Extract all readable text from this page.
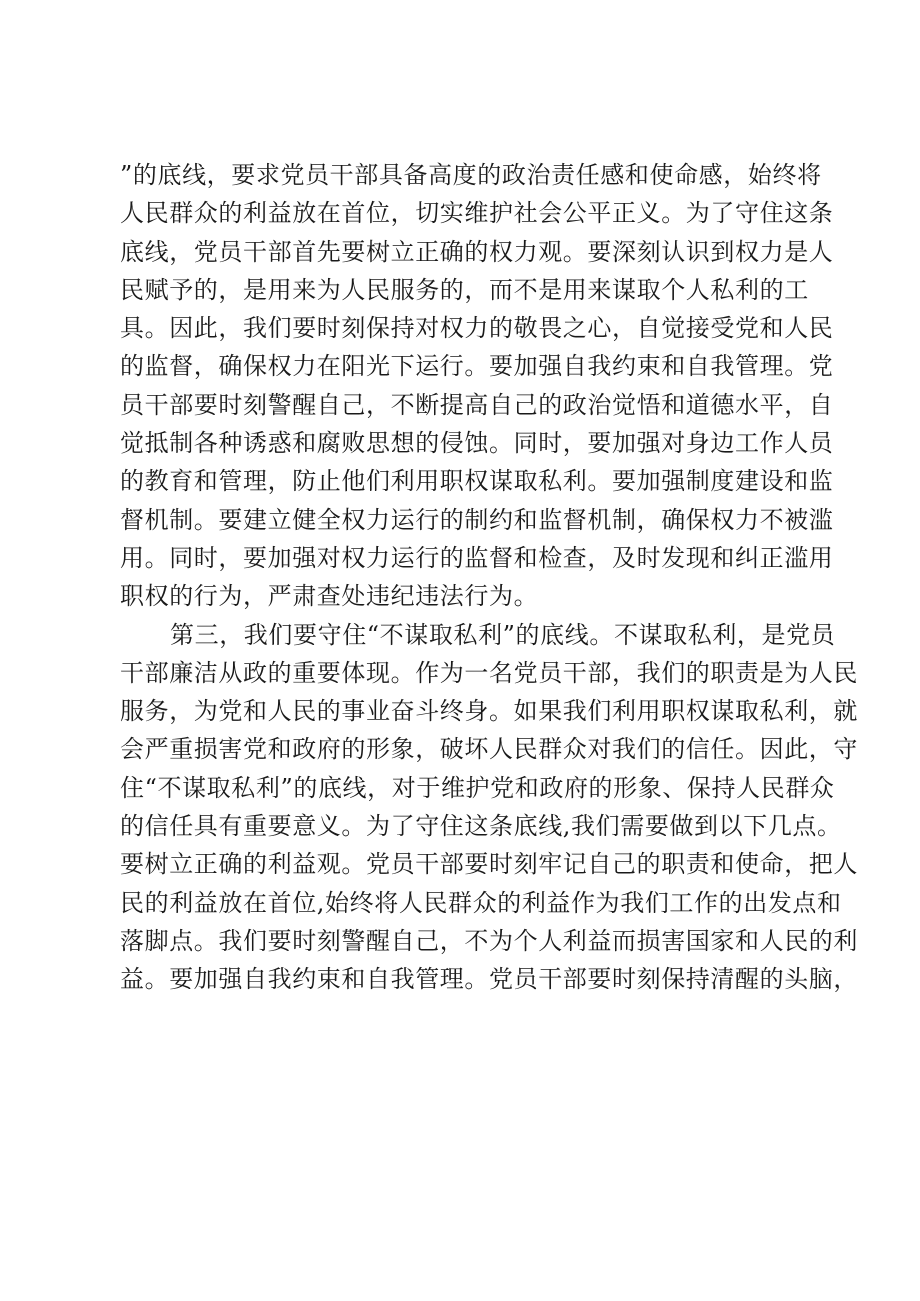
”的底线，要求党员干部具备高度的政治责任感和使命感，始终将
人民群众的利益放在首位，切实维护社会公平正义。为了守住这条
底线，党员干部首先要树立正确的权力观。要深刻认识到权力是人
民赋予的，是用来为人民服务的，而不是用来谋取个人私利的工
具。因此，我们要时刻保持对权力的敬畏之心，自觉接受党和人民
的监督，确保权力在阳光下运行。要加强自我约束和自我管理。党
员干部要时刻警醒自己，不断提高自己的政治觉悟和道德水平，自
觉抵制各种诱惑和腐败思想的侵蚀。同时，要加强对身边工作人员
的教育和管理，防止他们利用职权谋取私利。要加强制度建设和监
督机制。要建立健全权力运行的制约和监督机制，确保权力不被滥
用。同时，要加强对权力运行的监督和检查，及时发现和纠正滥用
职权的行为，严肃查处违纪违法行为。
第三，我们要守住“不谋取私利”的底线。不谋取私利，是党员
干部廉洁从政的重要体现。作为一名党员干部，我们的职责是为人民
服务，为党和人民的事业奋斗终身。如果我们利用职权谋取私利，就
会严重损害党和政府的形象，破坏人民群众对我们的信任。因此，守
住“不谋取私利”的底线，对于维护党和政府的形象、保持人民群众
的信任具有重要意义。为了守住这条底线,我们需要做到以下几点。
要树立正确的利益观。党员干部要时刻牢记自己的职责和使命，把人
民的利益放在首位,始终将人民群众的利益作为我们工作的出发点和
落脚点。我们要时刻警醒自己，不为个人利益而损害国家和人民的利
益。要加强自我约束和自我管理。党员干部要时刻保持清醒的头脑，
